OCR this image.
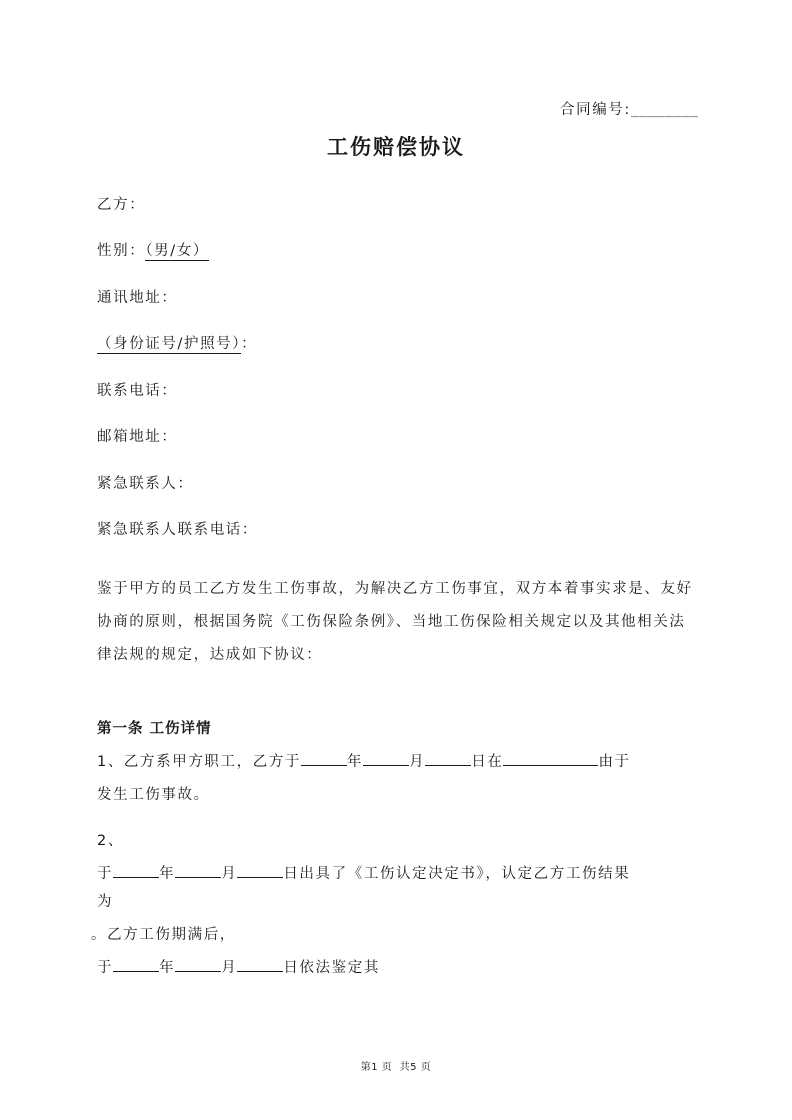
合同编号:________
工伤赔偿协议
乙方：
性别：（男/女）
通讯地址：
（身份证号/护照号）：
联系电话：
邮箱地址：
紧急联系人：
紧急联系人联系电话：
鉴于甲方的员工乙方发生工伤事故，为解决乙方工伤事宜，双方本着事实求是、友好
协商的原则，根据国务院《工伤保险条例》、当地工伤保险相关规定以及其他相关法
律法规的规定，达成如下协议：
第一条 工伤详情
1、乙方系甲方职工，乙方于	年	月	日在	由于
发生工伤事故。
2、
于	年	月	日出具了《工伤认定决定书》，认定乙方工伤结果
为
。乙方工伤期满后，
于	年	月	日依法鉴定其
第1 页 共5 页
